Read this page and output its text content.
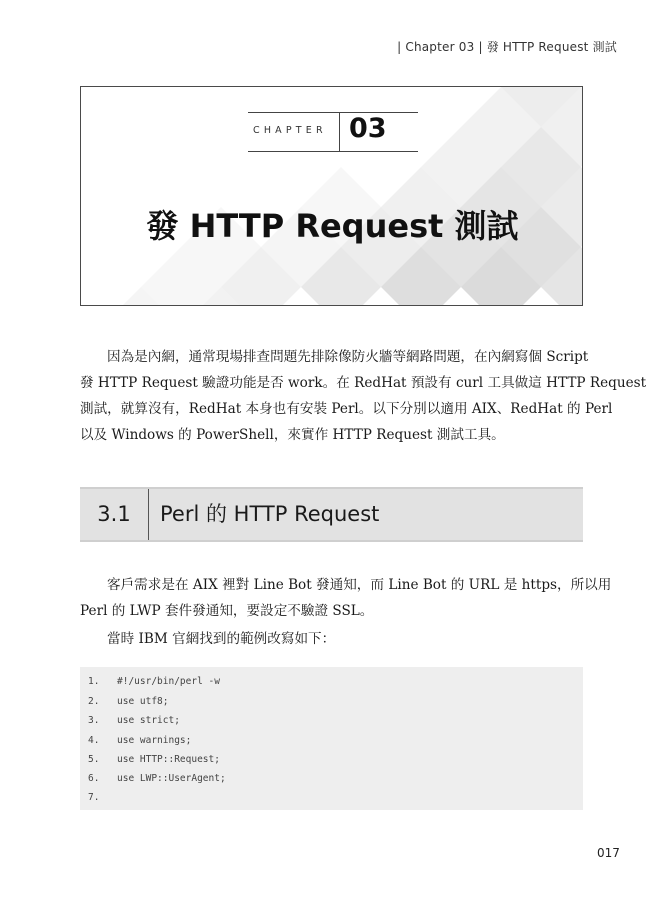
| Chapter 03 | 發 HTTP Request 測試
CHAPTER 03
發 HTTP Request 測試
因為是內網，通常現場排查問題先排除像防火牆等網路問題，在內網寫個 Script
發 HTTP Request 驗證功能是否 work。在 RedHat 預設有 curl 工具做這 HTTP Request
測試，就算沒有，RedHat 本身也有安裝 Perl。以下分別以適用 AIX、RedHat 的 Perl
以及 Windows 的 PowerShell，來實作 HTTP Request 測試工具。
3.1	Perl 的 HTTP Request
客戶需求是在 AIX 裡對 Line Bot 發通知，而 Line Bot 的 URL 是 https，所以用
Perl 的 LWP 套件發通知，要設定不驗證 SSL。
當時 IBM 官網找到的範例改寫如下：
1. #!/usr/bin/perl -w
2. use utf8;
3. use strict;
4. use warnings;
5. use HTTP::Request;
6. use LWP::UserAgent;
7.
017
